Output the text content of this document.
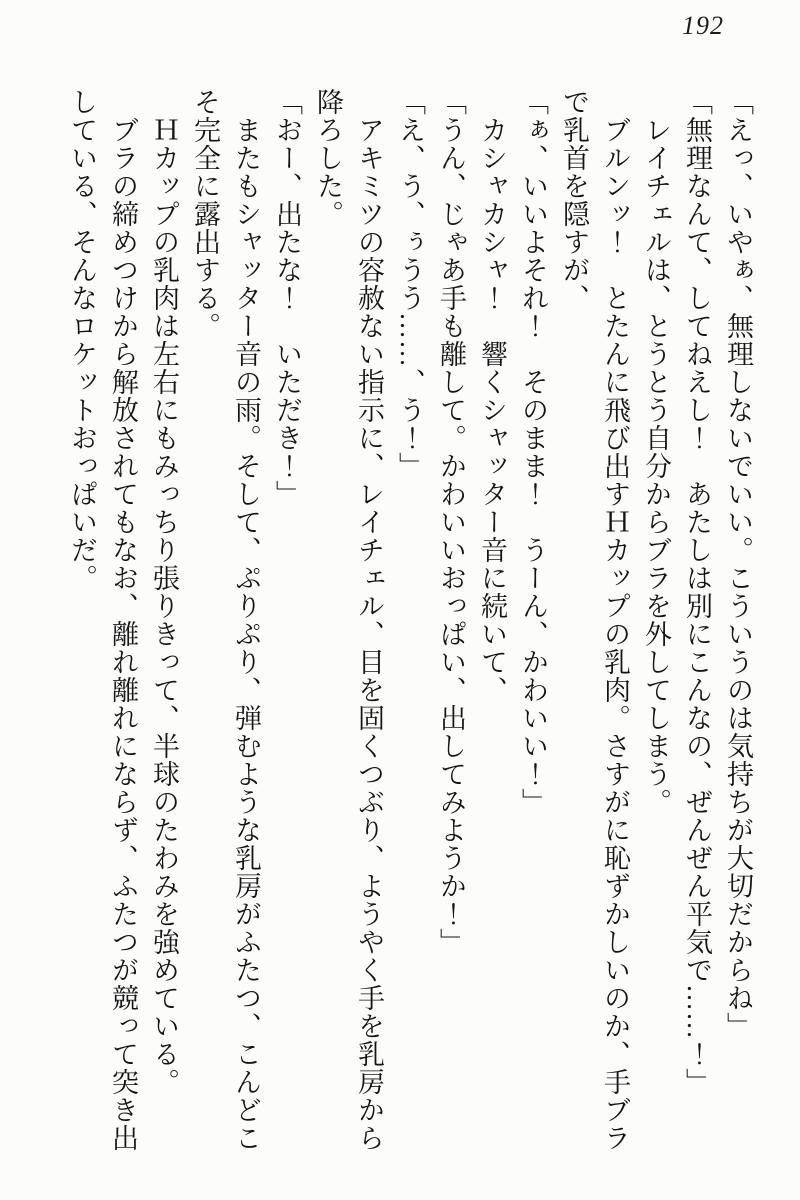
192
「えっ、いやぁ、無理しないでいい。こういうのは気持ちが大切だからね」
「無理なんて、してねえし！　あたしは別にこんなの、ぜんぜん平気で……！」
　レイチェルは、とうとう自分からブラを外してしまう。
　ブルンッ！　とたんに飛び出すＨカップの乳肉。さすがに恥ずかしいのか、手ブラ
で乳首を隠すが、
「ぁ、いいよそれ！　そのまま！　うーん、かわいい！」
　カシャカシャ！　響くシャッター音に続いて、
「うん、じゃあ手も離して。かわいいおっぱい、出してみようか！」
「え、う、ぅうう……、う！」
　アキミツの容赦ない指示に、レイチェル、目を固くつぶり、ようやく手を乳房から
降ろした。
「おー、出たな！　いただき！」
　またもシャッター音の雨。そして、ぷりぷり、弾むような乳房がふたつ、こんどこ
そ完全に露出する。
　Ｈカップの乳肉は左右にもみっちり張りきって、半球のたわみを強めている。
　ブラの締めつけから解放されてもなお、離れ離れにならず、ふたつが競って突き出
している、そんなロケットおっぱいだ。
